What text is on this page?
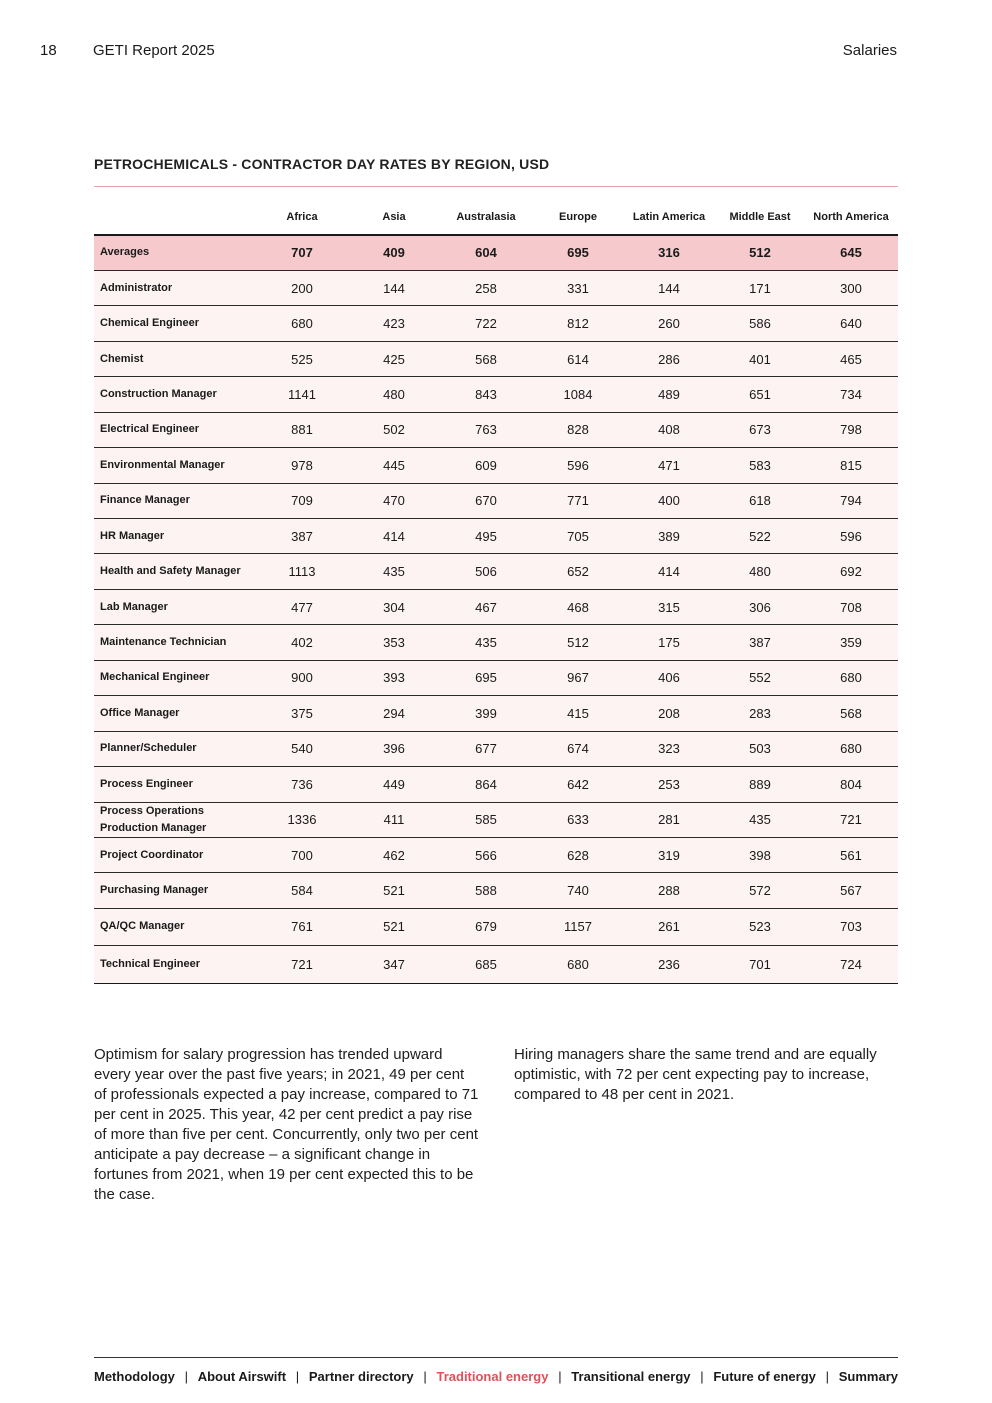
18 GETI Report 2025	Salaries
PETROCHEMICALS - CONTRACTOR DAY RATES BY REGION, USD
	Africa	Asia	Australasia	Europe	Latin America	Middle East	North America
Averages	707	409	604	695	316	512	645
Administrator	200	144	258	331	144	171	300
Chemical Engineer	680	423	722	812	260	586	640
Chemist	525	425	568	614	286	401	465
Construction Manager	1141	480	843	1084	489	651	734
Electrical Engineer	881	502	763	828	408	673	798
Environmental Manager	978	445	609	596	471	583	815
Finance Manager	709	470	670	771	400	618	794
HR Manager	387	414	495	705	389	522	596
Health and Safety Manager	1113	435	506	652	414	480	692
Lab Manager	477	304	467	468	315	306	708
Maintenance Technician	402	353	435	512	175	387	359
Mechanical Engineer	900	393	695	967	406	552	680
Office Manager	375	294	399	415	208	283	568
Planner/Scheduler	540	396	677	674	323	503	680
Process Engineer	736	449	864	642	253	889	804
Process Operations Production Manager	1336	411	585	633	281	435	721
Project Coordinator	700	462	566	628	319	398	561
Purchasing Manager	584	521	588	740	288	572	567
QA/QC Manager	761	521	679	1157	261	523	703
Technical Engineer	721	347	685	680	236	701	724
Optimism for salary progression has trended upward every year over the past five years; in 2021, 49 per cent of professionals expected a pay increase, compared to 71 per cent in 2025. This year, 42 per cent predict a pay rise of more than five per cent. Concurrently, only two per cent anticipate a pay decrease – a significant change in fortunes from 2021, when 19 per cent expected this to be the case.
Hiring managers share the same trend and are equally optimistic, with 72 per cent expecting pay to increase, compared to 48 per cent in 2021.
Methodology | About Airswift | Partner directory | Traditional energy | Transitional energy | Future of energy | Summary
